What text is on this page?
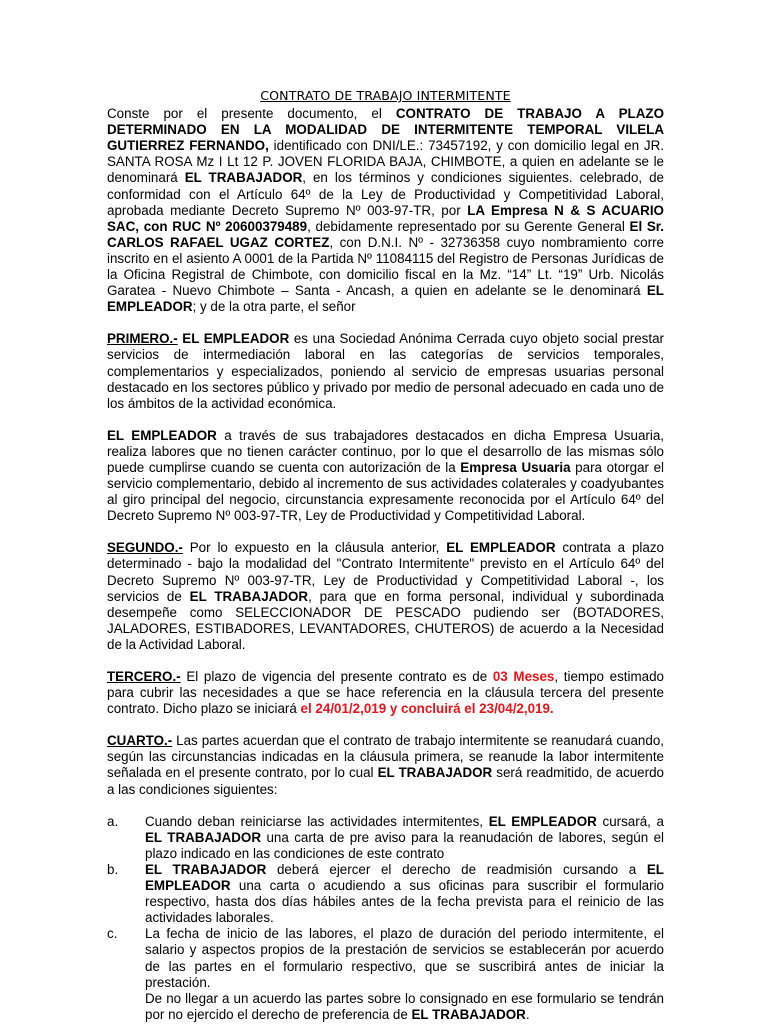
CONTRATO DE TRABAJO INTERMITENTE

Conste por el presente documento, el CONTRATO DE TRABAJO A PLAZO DETERMINADO EN LA MODALIDAD DE INTERMITENTE TEMPORAL VILELA GUTIERREZ FERNANDO, identificado con DNI/LE.: 73457192, y con domicilio legal en JR. SANTA ROSA Mz I Lt 12 P. JOVEN FLORIDA BAJA, CHIMBOTE, a quien en adelante se le denominará EL TRABAJADOR, en los términos y condiciones siguientes. celebrado, de conformidad con el Artículo 64º de la Ley de Productividad y Competitividad Laboral, aprobada mediante Decreto Supremo Nº 003-97-TR, por LA Empresa N & S ACUARIO SAC, con RUC Nº 20600379489, debidamente representado por su Gerente General El Sr. CARLOS RAFAEL UGAZ CORTEZ, con D.N.I. Nº - 32736358 cuyo nombramiento corre inscrito en el asiento A 0001 de la Partida Nº 11084115 del Registro de Personas Jurídicas de la Oficina Registral de Chimbote, con domicilio fiscal en la Mz. “14” Lt. “19” Urb. Nicolás Garatea - Nuevo Chimbote – Santa - Ancash, a quien en adelante se le denominará EL EMPLEADOR; y de la otra parte, el señor

PRIMERO.- EL EMPLEADOR es una Sociedad Anónima Cerrada cuyo objeto social prestar servicios de intermediación laboral en las categorías de servicios temporales, complementarios y especializados, poniendo al servicio de empresas usuarias personal destacado en los sectores público y privado por medio de personal adecuado en cada uno de los ámbitos de la actividad económica.

EL EMPLEADOR a través de sus trabajadores destacados en dicha Empresa Usuaria, realiza labores que no tienen carácter continuo, por lo que el desarrollo de las mismas sólo puede cumplirse cuando se cuenta con autorización de la Empresa Usuaria para otorgar el servicio complementario, debido al incremento de sus actividades colaterales y coadyubantes al giro principal del negocio, circunstancia expresamente reconocida por el Artículo 64º del Decreto Supremo Nº 003-97-TR, Ley de Productividad y Competitividad Laboral.

SEGUNDO.- Por lo expuesto en la cláusula anterior, EL EMPLEADOR contrata a plazo determinado - bajo la modalidad del "Contrato Intermitente" previsto en el Artículo 64º del Decreto Supremo Nº 003-97-TR, Ley de Productividad y Competitividad Laboral -, los servicios de EL TRABAJADOR, para que en forma personal, individual y subordinada desempeñe como SELECCIONADOR DE PESCADO pudiendo ser (BOTADORES, JALADORES, ESTIBADORES, LEVANTADORES, CHUTEROS) de acuerdo a la Necesidad de la Actividad Laboral.

TERCERO.- El plazo de vigencia del presente contrato es de 03 Meses, tiempo estimado para cubrir las necesidades a que se hace referencia en la cláusula tercera del presente contrato. Dicho plazo se iniciará el 24/01/2,019 y concluirá el 23/04/2,019.

CUARTO.- Las partes acuerdan que el contrato de trabajo intermitente se reanudará cuando, según las circunstancias indicadas en la cláusula primera, se reanude la labor intermitente señalada en el presente contrato, por lo cual EL TRABAJADOR será readmitido, de acuerdo a las condiciones siguientes:

a.	Cuando deban reiniciarse las actividades intermitentes, EL EMPLEADOR cursará, a EL TRABAJADOR una carta de pre aviso para la reanudación de labores, según el plazo indicado en las condiciones de este contrato

b.	EL TRABAJADOR deberá ejercer el derecho de readmisión cursando a EL EMPLEADOR una carta o acudiendo a sus oficinas para suscribir el formulario respectivo, hasta dos días hábiles antes de la fecha prevista para el reinicio de las actividades laborales.

c.	La fecha de inicio de las labores, el plazo de duración del periodo intermitente, el salario y aspectos propios de la prestación de servicios se establecerán por acuerdo de las partes en el formulario respectivo, que se suscribirá antes de iniciar la prestación.

De no llegar a un acuerdo las partes sobre lo consignado en ese formulario se tendrán por no ejercido el derecho de preferencia de EL TRABAJADOR.
